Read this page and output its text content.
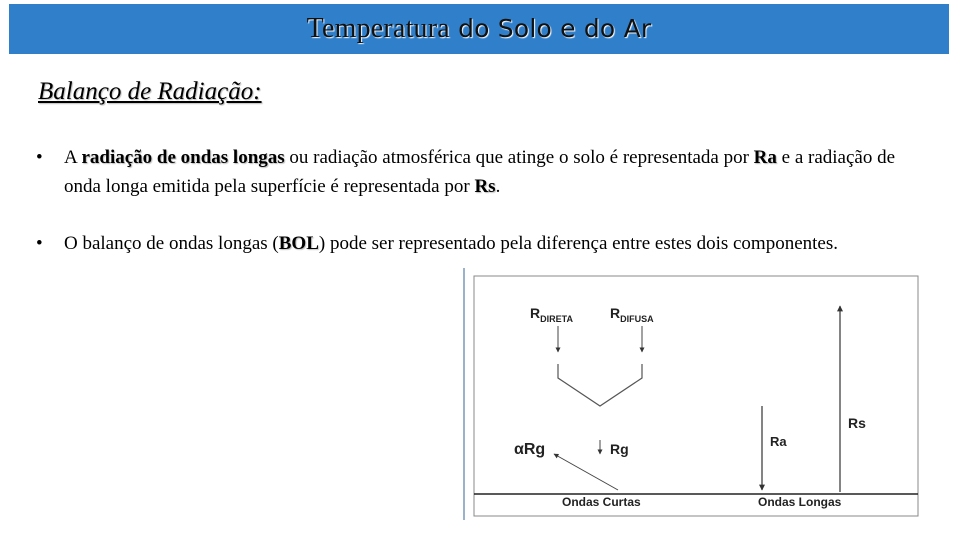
Temperatura do Solo e do Ar
Balanço de Radiação:
•	A radiação de ondas longas ou radiação atmosférica que atinge o solo é representada por Ra e a radiação de onda longa emitida pela superfície é representada por Rs.
•	O balanço de ondas longas (BOL) pode ser representado pela diferença entre estes dois componentes.
$R_{DIRETA}$	$R_{DIFUSA}$
Rg
αRg	Ra
Rs
Ondas Curtas	Ondas Longas
